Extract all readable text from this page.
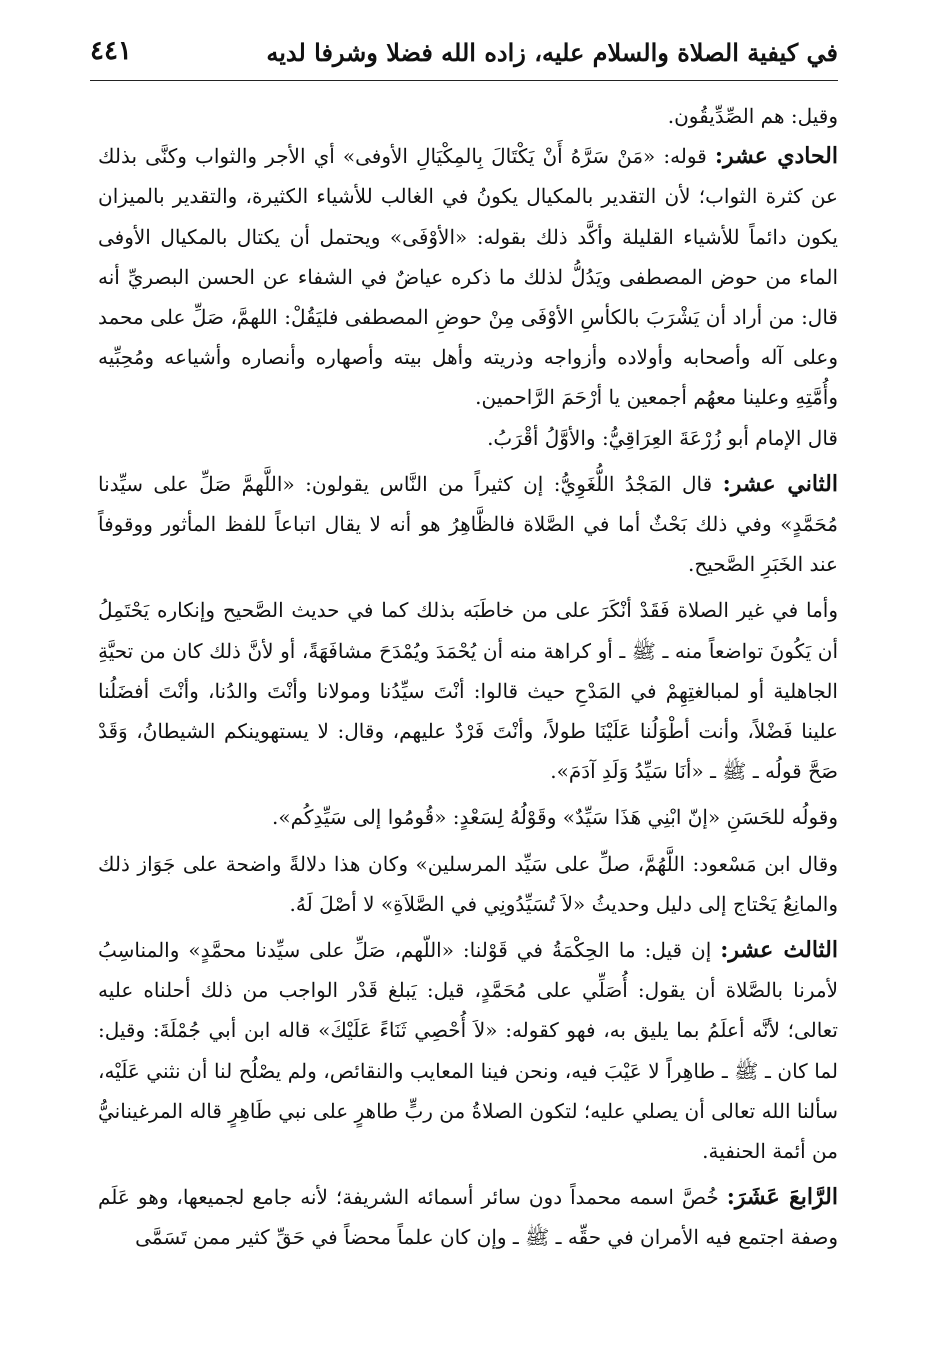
في كيفية الصلاة والسلام عليه، زاده الله فضلا وشرفا لديه
٤٤١

وقيل: هم الصِّدِّيقُون.

الحادي عشر: قوله: «مَنْ سَرَّهُ أَنْ يَكْتَالَ بِالمِكْيَالِ الأوفى» أي الأجر والثواب وكنَّى بذلك عن كثرة الثواب؛ لأن التقدير بالمكيال يكونُ في الغالب للأشياء الكثيرة، والتقدير بالميزان يكون دائماً للأشياء القليلة وأكَّد ذلك بقوله: «الأوْفَى» ويحتمل أن يكتال بالمكيال الأوفى الماء من حوض المصطفى ويَدُلُّ لذلك ما ذكره عياضٌ في الشفاء عن الحسن البصريِّ أنه قال: من أراد أن يَشْرَبَ بالكأسِ الأوْفَى مِنْ حوضِ المصطفى فليَقُلْ: اللهمَّ، صَلِّ على محمد وعلى آله وأصحابه وأولاده وأزواجه وذريته وأهل بيته وأصهاره وأنصاره وأشياعه ومُحِبِّيه وأُمَّتِهِ وعلينا معهُم أجمعين يا أرْحَمَ الرَّاحمين.

قال الإمام أبو زُرْعَةَ العِرَاقِيُّ: والأوَّلُ أقْرَبُ.

الثاني عشر: قال المَجْدُ اللُّغَوِيُّ: إن كثيراً من النَّاس يقولون: «اللَّهمَّ صَلِّ على سيِّدنا مُحَمَّدٍ» وفي ذلك بَحْثٌ أما في الصَّلاة فالظَّاهِرُ هو أنه لا يقال اتباعاً للفظ المأثور ووقوفاً عند الخَبَرِ الصَّحيح.

وأما في غير الصلاة فَقَدْ أنْكَرَ على من خاطَبَه بذلك كما في حديث الصَّحيح وإنكاره يَحْتَمِلُ أن يَكُونَ تواضعاً منه ـ ﷺ ـ أو كراهة منه أن يُحْمَدَ ويُمْدَحَ مشافَهَةً، أو لأنَّ ذلك كان من تحيَّةِ الجاهلية أو لمبالغتِهِمْ في المَدْحِ حيث قالوا: أنْتَ سيِّدُنا ومولانا وأنْتَ والدُنا، وأنْتَ أفضَلُنا علينا فَضْلاً، وأنت أطْوَلُنا عَلَيْنَا طولاً، وأنْتَ فَرْدٌ عليهم، وقال: لا يستهوينكم الشيطانُ، وَقَدْ صَحَّ قولُه ـ ﷺ ـ «أنَا سَيِّدُ وَلَدِ آدَمَ».

وقولُه للحَسَنِ «إنّ ابْنِي هَذَا سَيِّدٌ» وقَوْلُهُ لِسَعْدٍ: «قُومُوا إلى سَيِّدِكُم».

وقال ابن مَسْعود: اللَّهُمَّ، صلِّ على سَيِّد المرسلين» وكان هذا دلالةً واضحة على جَوَاز ذلك والمانِعُ يَحْتاج إلى دليل وحديثُ «لاَ تُسَيِّدُونِي في الصَّلاَةِ» لا أصْلَ لَهُ.

الثالث عشر: إن قيل: ما الحِكْمَةُ في قَوْلنا: «اللّهم، صَلِّ على سيِّدنا محمَّدٍ» والمناسِبُ لأمرنا بالصَّلاة أن يقول: أُصَلِّي على مُحَمَّدٍ، قيل: يَبلغ قَدْر الواجب من ذلك أحلناه عليه تعالى؛ لأنَّه أعلَمُ بما يليق به، فهو كقوله: «لاَ أُحْصِي ثَنَاءً عَلَيْكَ» قاله ابن أبي جُمْلَةَ: وقيل: لما كان ـ ﷺ ـ طاهِراً لا عَيْبَ فيه، ونحن فينا المعايب والنقائص، ولم يصْلُح لنا أن نثني عَلَيْه، سألنا الله تعالى أن يصلي عليه؛ لتكون الصلاةُ من ربٍّ طاهرٍ على نبي طَاهِرٍ قاله المرغينانيُّ من أئمة الحنفية.

الرَّابعَ عَشَرَ: خُصَّ اسمه محمداً دون سائر أسمائه الشريفة؛ لأنه جامع لجميعها، وهو عَلَم وصفة اجتمع فيه الأمران في حقِّه ـ ﷺ ـ وإن كان علماً محضاً في حَقِّ كثير ممن تَسَمَّى
